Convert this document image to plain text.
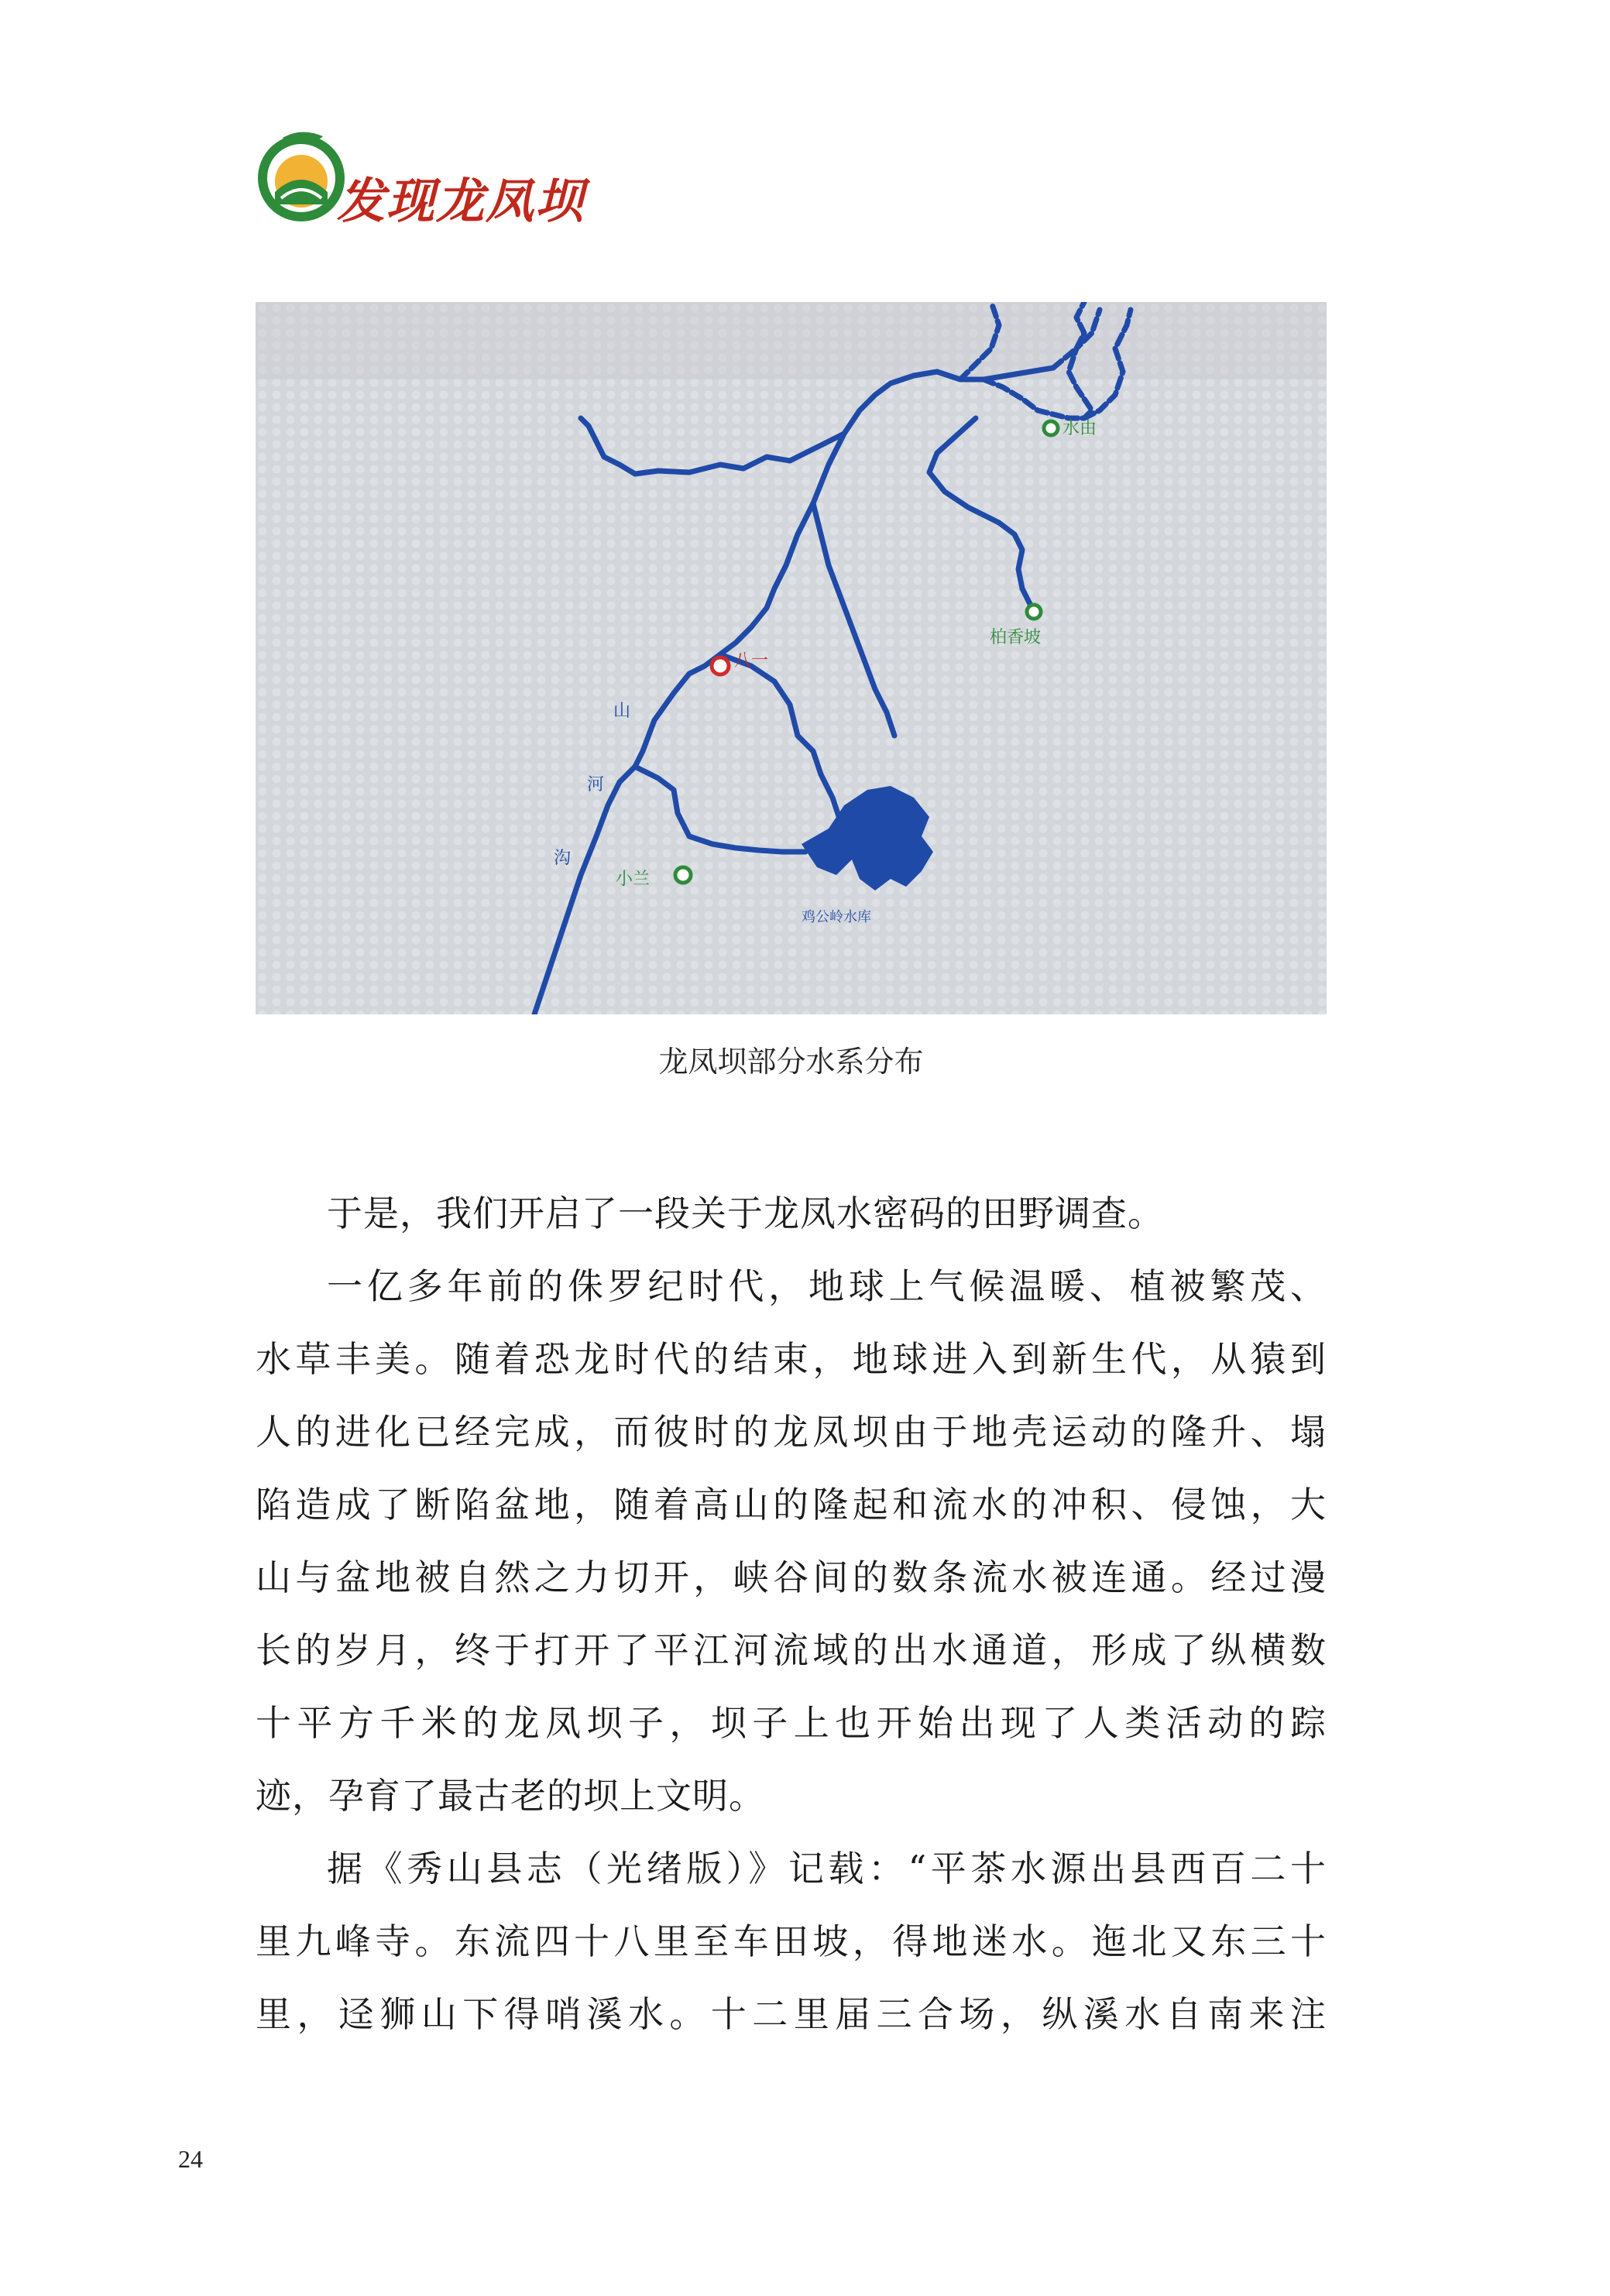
发现龙凤坝
水由
柏香坡
八一
山
河
沟
小兰
鸡公岭水库
龙凤坝部分水系分布

于是，我们开启了一段关于龙凤水密码的田野调查。

一亿多年前的侏罗纪时代，地球上气候温暖、植被繁茂、
水草丰美。随着恐龙时代的结束，地球进入到新生代，从猿到
人的进化已经完成，而彼时的龙凤坝由于地壳运动的隆升、塌
陷造成了断陷盆地，随着高山的隆起和流水的冲积、侵蚀，大
山与盆地被自然之力切开，峡谷间的数条流水被连通。经过漫
长的岁月，终于打开了平江河流域的出水通道，形成了纵横数
十平方千米的龙凤坝子，坝子上也开始出现了人类活动的踪
迹，孕育了最古老的坝上文明。

据《秀山县志（光绪版）》记载：“平茶水源出县西百二十
里九峰寺。东流四十八里至车田坡，得地迷水。迤北又东三十
里，迳狮山下得哨溪水。十二里届三合场，纵溪水自南来注

24
